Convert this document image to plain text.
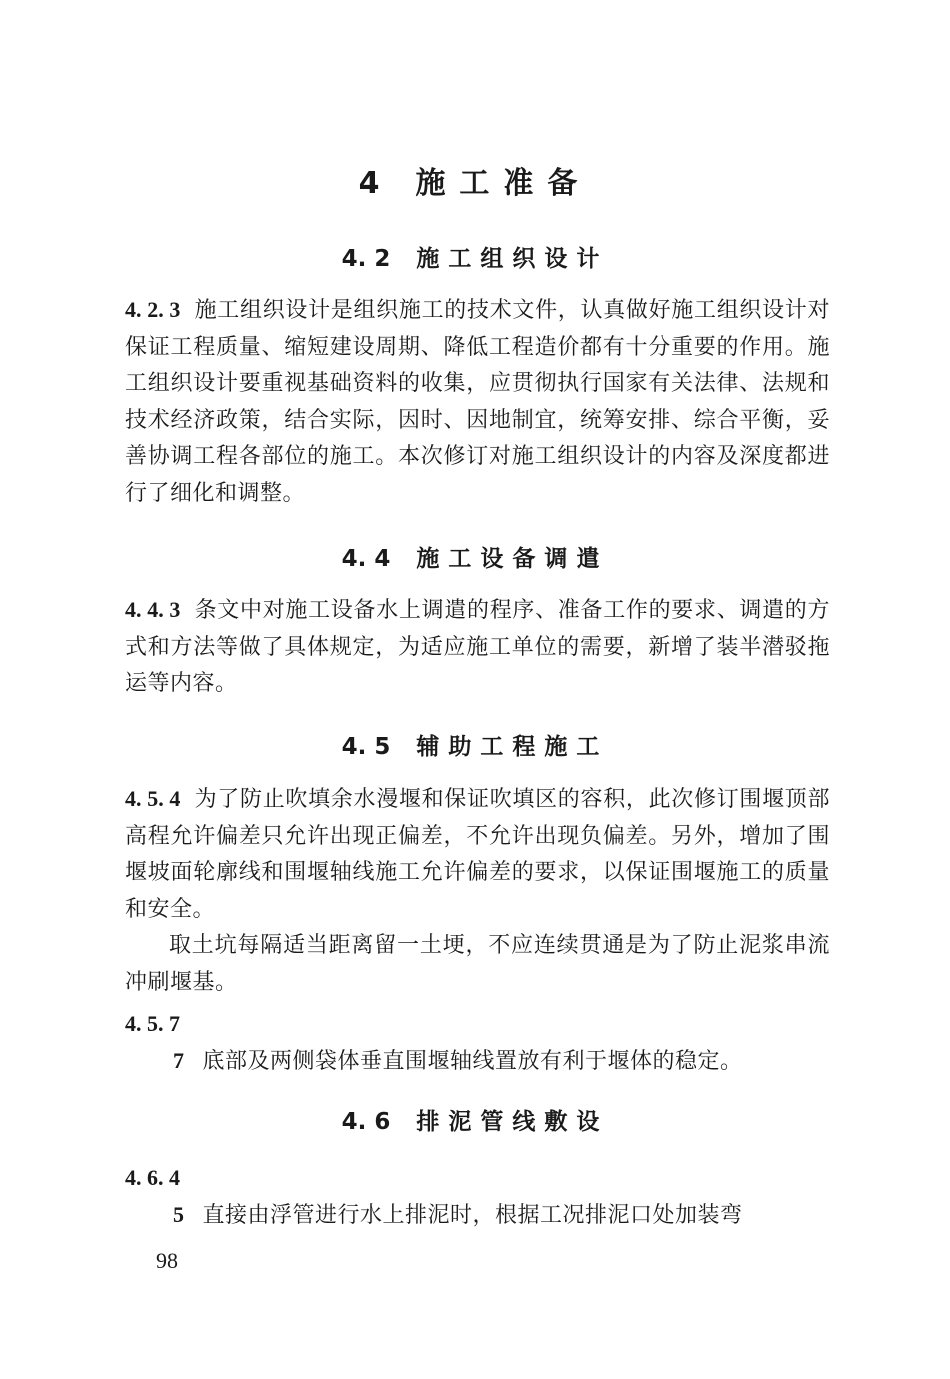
4 施工准备
4. 2 施工组织设计
4. 2. 3 施工组织设计是组织施工的技术文件，认真做好施工组织设计对保证工程质量、缩短建设周期、降低工程造价都有十分重要的作用。施工组织设计要重视基础资料的收集，应贯彻执行国家有关法律、法规和技术经济政策，结合实际，因时、因地制宜，统筹安排、综合平衡，妥善协调工程各部位的施工。本次修订对施工组织设计的内容及深度都进行了细化和调整。
4. 4 施工设备调遣
4. 4. 3 条文中对施工设备水上调遣的程序、准备工作的要求、调遣的方式和方法等做了具体规定，为适应施工单位的需要，新增了装半潜驳拖运等内容。
4. 5 辅助工程施工
4. 5. 4 为了防止吹填余水漫堰和保证吹填区的容积，此次修订围堰顶部高程允许偏差只允许出现正偏差，不允许出现负偏差。另外，增加了围堰坡面轮廓线和围堰轴线施工允许偏差的要求，以保证围堰施工的质量和安全。
取土坑每隔适当距离留一土埂，不应连续贯通是为了防止泥浆串流冲刷堰基。
4. 5. 7
7 底部及两侧袋体垂直围堰轴线置放有利于堰体的稳定。
4. 6 排泥管线敷设
4. 6. 4
5 直接由浮管进行水上排泥时，根据工况排泥口处加装弯
98
